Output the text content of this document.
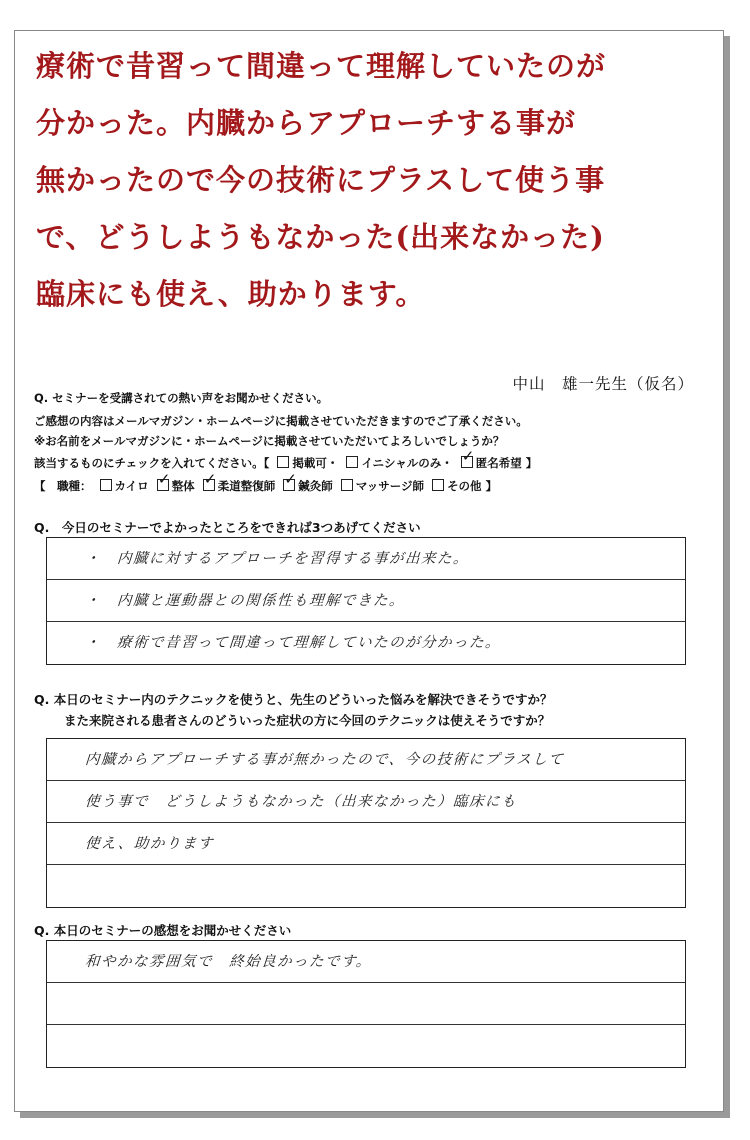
療術で昔習って間違って理解していたのが
分かった。内臓からアプローチする事が
無かったので今の技術にプラスして使う事
で、どうしようもなかった(出来なかった)
臨床にも使え、助かります。
Q. セミナーを受講されての熱い声をお聞かせください。
中山　雄一先生（仮名）
ご感想の内容はメールマガジン・ホームページに掲載させていただきますのでご了承ください。
※お名前をメールマガジンに・ホームページに掲載させていただいてよろしいでしょうか？
該当するものにチェックを入れてください。【 掲載可・ イニシャルのみ・ ✓ 匿名希望 】
【　職種： カイロ ✓ 整体 ✓ 柔道整復師 ✓ 鍼灸師 マッサージ師 その他 】
Q.　今日のセミナーでよかったところをできれば3つあげてください
・　内臓に対するアプローチを習得する事が出来た。
・　内臓と運動器との関係性も理解できた。
・　療術で昔習って間違って理解していたのが分かった。
Q. 本日のセミナー内のテクニックを使うと、先生のどういった悩みを解決できそうですか？
また来院される患者さんのどういった症状の方に今回のテクニックは使えそうですか？
内臓からアプローチする事が無かったので、今の技術にプラスして
使う事で　どうしようもなかった（出来なかった）臨床にも
使え、助かります
Q. 本日のセミナーの感想をお聞かせください
和やかな雰囲気で　終始良かったです。
